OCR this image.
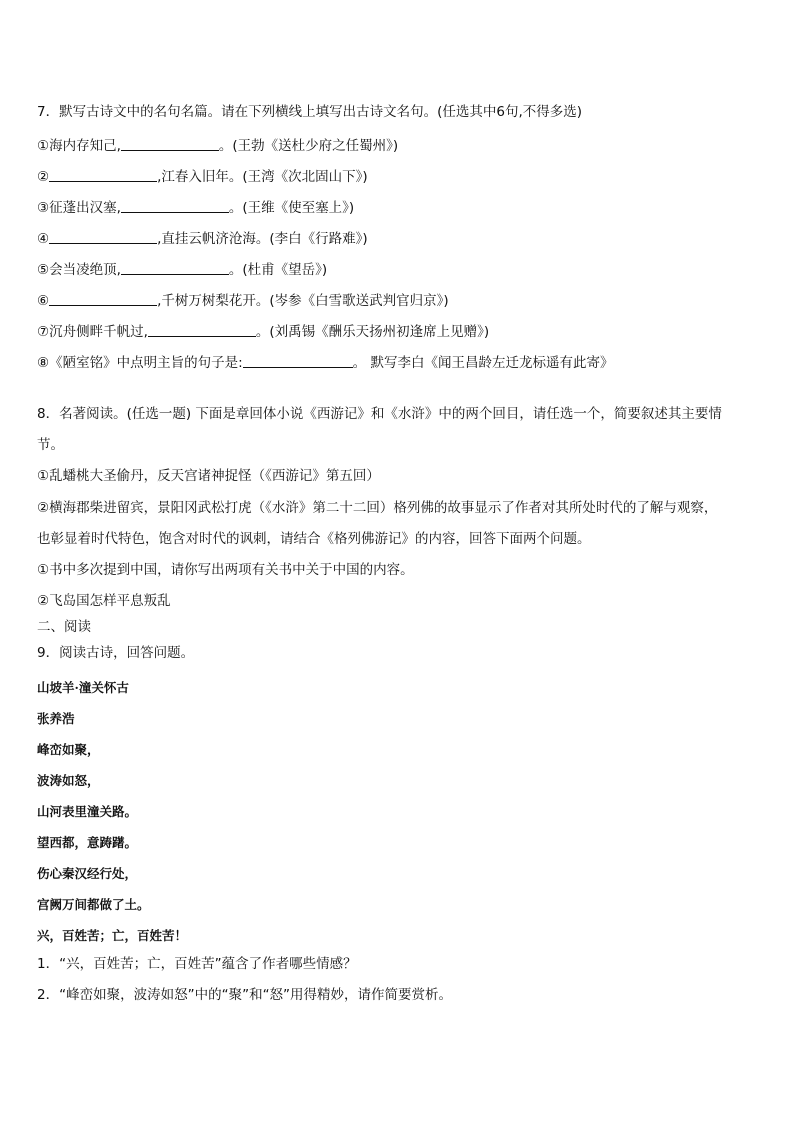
7．默写古诗文中的名句名篇。请在下列横线上填写出古诗文名句。(任选其中6句,不得多选)
①海内存知己,	。(王勃《送杜少府之任蜀州》)
②	,江春入旧年。(王湾《次北固山下》)
③征蓬出汉塞,	。(王维《使至塞上》)
④	,直挂云帆济沧海。(李白《行路难》)
⑤会当凌绝顶,	。(杜甫《望岳》)
⑥	,千树万树梨花开。(岑参《白雪歌送武判官归京》)
⑦沉舟侧畔千帆过,	。(刘禹锡《酬乐天扬州初逢席上见赠》)
⑧《陋室铭》中点明主旨的句子是:	。 默写李白《闻王昌龄左迁龙标遥有此寄》
8．名著阅读。(任选一题) 下面是章回体小说《西游记》和《水浒》中的两个回目，请任选一个，简要叙述其主要情
节。
①乱蟠桃大圣偷丹，反天宫诸神捉怪（《西游记》第五回）
②横海郡柴进留宾，景阳冈武松打虎（《水浒》第二十二回）格列佛的故事显示了作者对其所处时代的了解与观察，
也彰显着时代特色，饱含对时代的讽刺，请结合《格列佛游记》的内容，回答下面两个问题。
①书中多次提到中国，请你写出两项有关书中关于中国的内容。
②飞岛国怎样平息叛乱
二、阅读
9．阅读古诗，回答问题。
山坡羊·潼关怀古
张养浩
峰峦如聚，
波涛如怒，
山河表里潼关路。
望西都，意踌躇。
伤心秦汉经行处，
宫阙万间都做了土。
兴，百姓苦；亡，百姓苦！
1．“兴，百姓苦；亡，百姓苦”蕴含了作者哪些情感？
2．“峰峦如聚，波涛如怒”中的“聚”和“怒”用得精妙，请作简要赏析。
